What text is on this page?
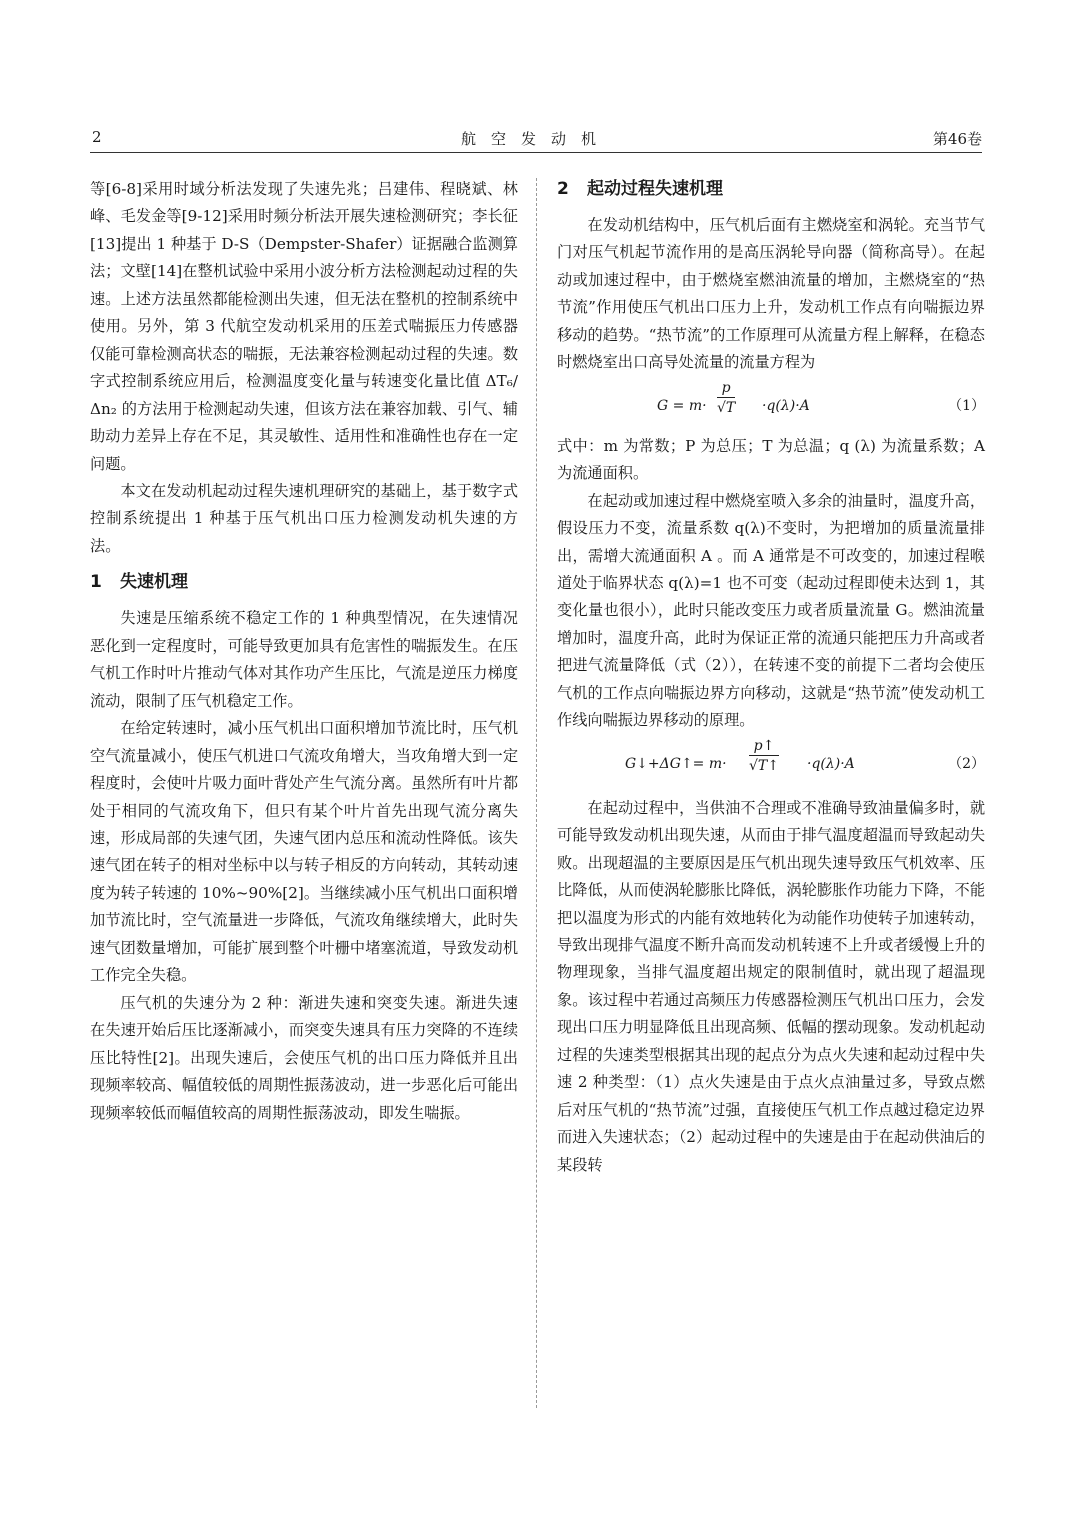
2	航空发动机	第46卷

等[6-8]采用时域分析法发现了失速先兆；吕建伟、程晓斌、林峰、毛发金等[9-12]采用时频分析法开展失速检测研究；李长征[13]提出 1 种基于 D-S（Dempster-Shafer）证据融合监测算法；文壁[14]在整机试验中采用小波分析方法检测起动过程的失速。上述方法虽然都能检测出失速，但无法在整机的控制系统中使用。另外，第 3 代航空发动机采用的压差式喘振压力传感器仅能可靠检测高状态的喘振，无法兼容检测起动过程的失速。数字式控制系统应用后，检测温度变化量与转速变化量比值 ΔT₆/Δn₂ 的方法用于检测起动失速，但该方法在兼容加载、引气、辅助动力差异上存在不足，其灵敏性、适用性和准确性也存在一定问题。

本文在发动机起动过程失速机理研究的基础上，基于数字式控制系统提出 1 种基于压气机出口压力检测发动机失速的方法。

1 失速机理

失速是压缩系统不稳定工作的 1 种典型情况，在失速情况恶化到一定程度时，可能导致更加具有危害性的喘振发生。在压气机工作时叶片推动气体对其作功产生压比，气流是逆压力梯度流动，限制了压气机稳定工作。

在给定转速时，减小压气机出口面积增加节流比时，压气机空气流量减小，使压气机进口气流攻角增大，当攻角增大到一定程度时，会使叶片吸力面叶背处产生气流分离。虽然所有叶片都处于相同的气流攻角下，但只有某个叶片首先出现气流分离失速，形成局部的失速气团，失速气团内总压和流动性降低。该失速气团在转子的相对坐标中以与转子相反的方向转动，其转动速度为转子转速的 10%~90%[2]。当继续减小压气机出口面积增加节流比时，空气流量进一步降低，气流攻角继续增大，此时失速气团数量增加，可能扩展到整个叶栅中堵塞流道，导致发动机工作完全失稳。

压气机的失速分为 2 种：渐进失速和突变失速。渐进失速在失速开始后压比逐渐减小，而突变失速具有压力突降的不连续压比特性[2]。出现失速后，会使压气机的出口压力降低并且出现频率较高、幅值较低的周期性振荡波动，进一步恶化后可能出现频率较低而幅值较高的周期性振荡波动，即发生喘振。

2 起动过程失速机理

在发动机结构中，压气机后面有主燃烧室和涡轮。充当节气门对压气机起节流作用的是高压涡轮导向器（简称高导）。在起动或加速过程中，由于燃烧室燃油流量的增加，主燃烧室的“热节流”作用使压气机出口压力上升，发动机工作点有向喘振边界移动的趋势。“热节流”的工作原理可从流量方程上解释，在稳态时燃烧室出口高导处流量的流量方程为

$G = m\cdot \frac{p}{√T} \cdot q(\lambda)\cdot A$	（1）

式中：m 为常数；P 为总压；T 为总温；q (λ) 为流量系数；A 为流通面积。

在起动或加速过程中燃烧室喷入多余的油量时，温度升高，假设压力不变，流量系数 q(λ)不变时，为把增加的质量流量排出，需增大流通面积 A 。而 A 通常是不可改变的，加速过程喉道处于临界状态 q(λ)=1 也不可变（起动过程即使未达到 1，其变化量也很小），此时只能改变压力或者质量流量 G。燃油流量增加时，温度升高，此时为保证正常的流通只能把压力升高或者把进气流量降低（式（2）），在转速不变的前提下二者均会使压气机的工作点向喘振边界方向移动，这就是“热节流”使发动机工作线向喘振边界移动的原理。

G↓+ΔG↑= $m\cdot \frac{p↑}{√T↑} \cdot q(\lambda)\cdot A$	（2）

在起动过程中，当供油不合理或不准确导致油量偏多时，就可能导致发动机出现失速，从而由于排气温度超温而导致起动失败。出现超温的主要原因是压气机出现失速导致压气机效率、压比降低，从而使涡轮膨胀比降低，涡轮膨胀作功能力下降，不能把以温度为形式的内能有效地转化为动能作功使转子加速转动，导致出现排气温度不断升高而发动机转速不上升或者缓慢上升的物理现象，当排气温度超出规定的限制值时，就出现了超温现象。该过程中若通过高频压力传感器检测压气机出口压力，会发现出口压力明显降低且出现高频、低幅的摆动现象。发动机起动过程的失速类型根据其出现的起点分为点火失速和起动过程中失速 2 种类型：（1）点火失速是由于点火点油量过多，导致点燃后对压气机的“热节流”过强，直接使压气机工作点越过稳定边界而进入失速状态；（2）起动过程中的失速是由于在起动供油后的某段转
